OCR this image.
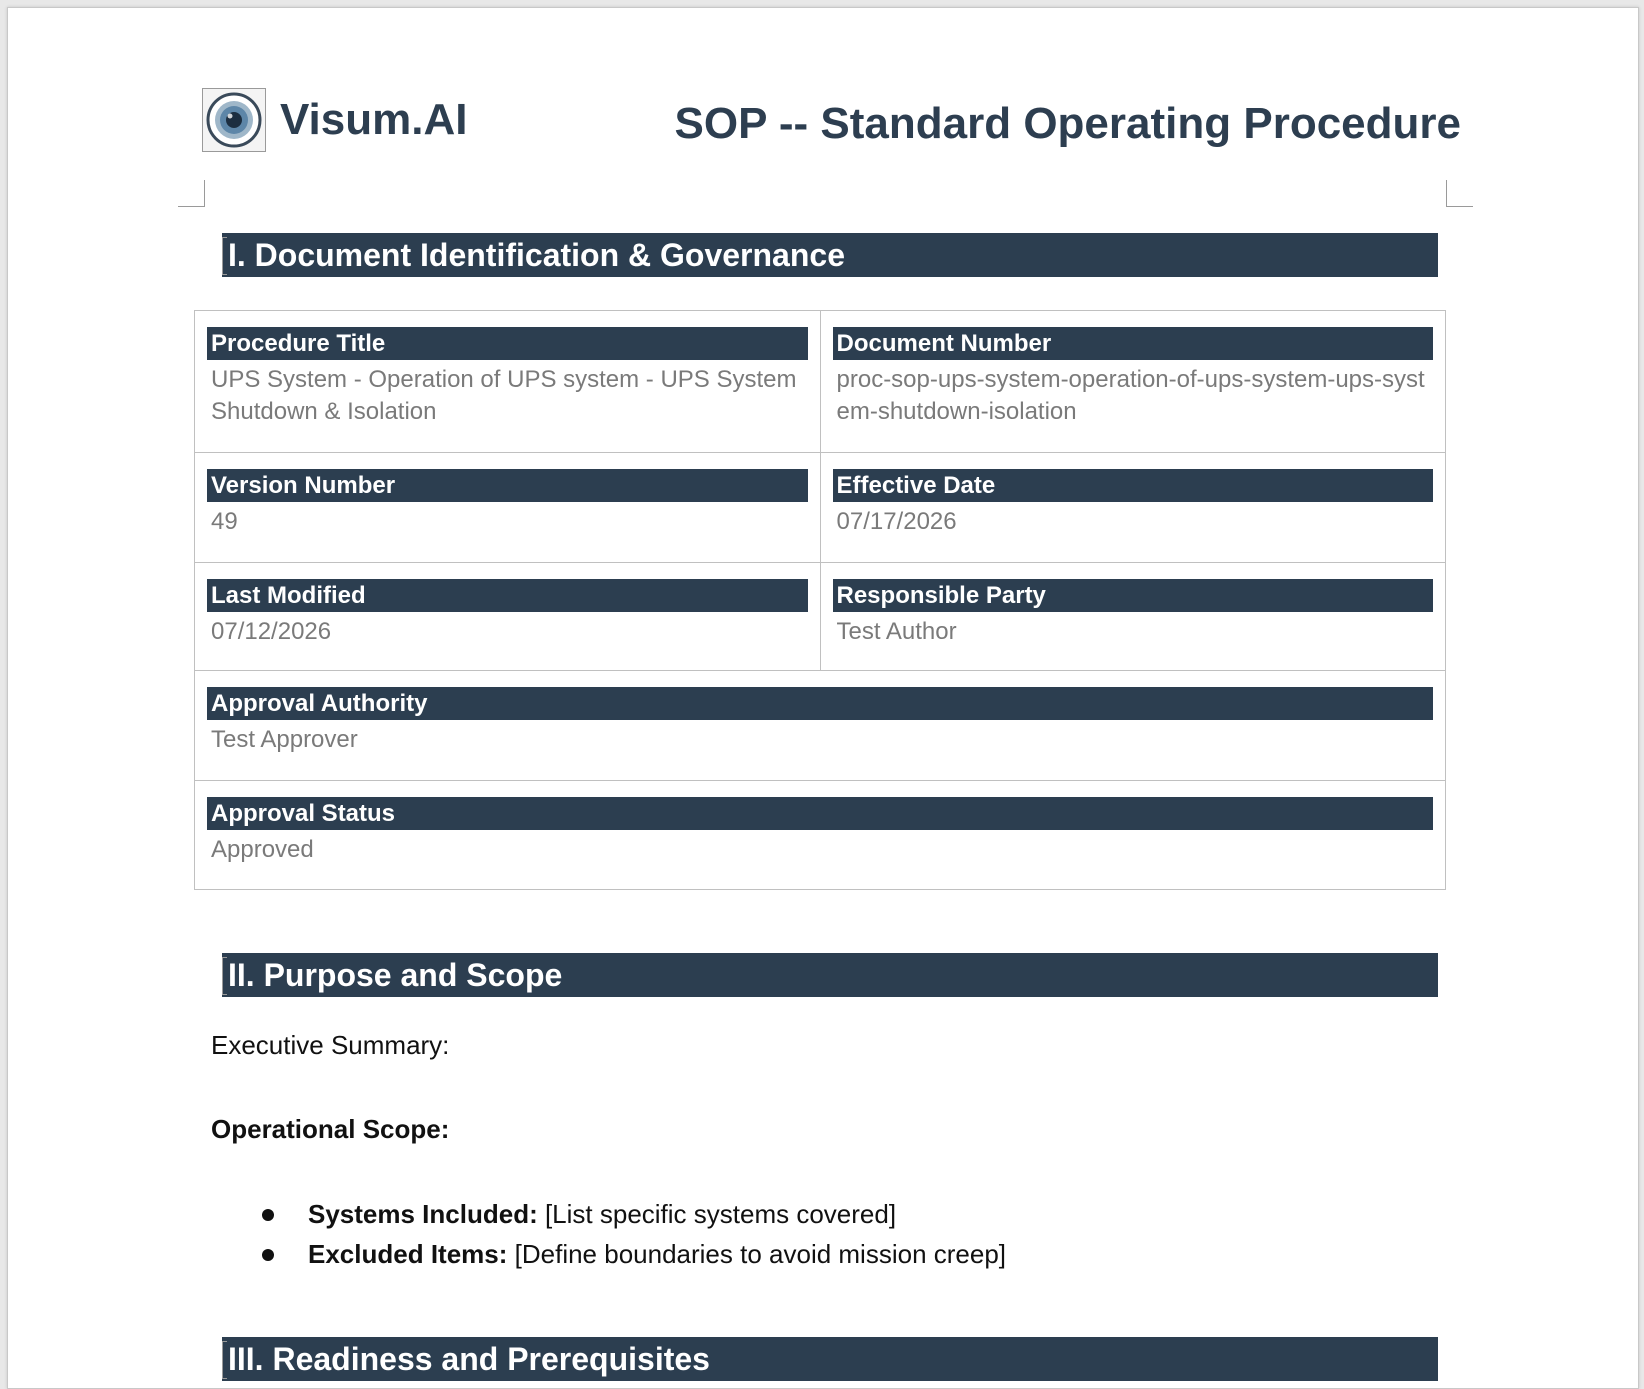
Visum.AI	SOP -- Standard Operating Procedure
I. Document Identification & Governance
Procedure Title
UPS System - Operation of UPS system - UPS System Shutdown & Isolation
Document Number
proc-sop-ups-system-operation-of-ups-system-ups-system-shutdown-isolation
Version Number
49
Effective Date
07/17/2026
Last Modified
07/12/2026
Responsible Party
Test Author
Approval Authority
Test Approver
Approval Status
Approved
II. Purpose and Scope
Executive Summary:
Operational Scope:
Systems Included: [List specific systems covered]
Excluded Items: [Define boundaries to avoid mission creep]
III. Readiness and Prerequisites
